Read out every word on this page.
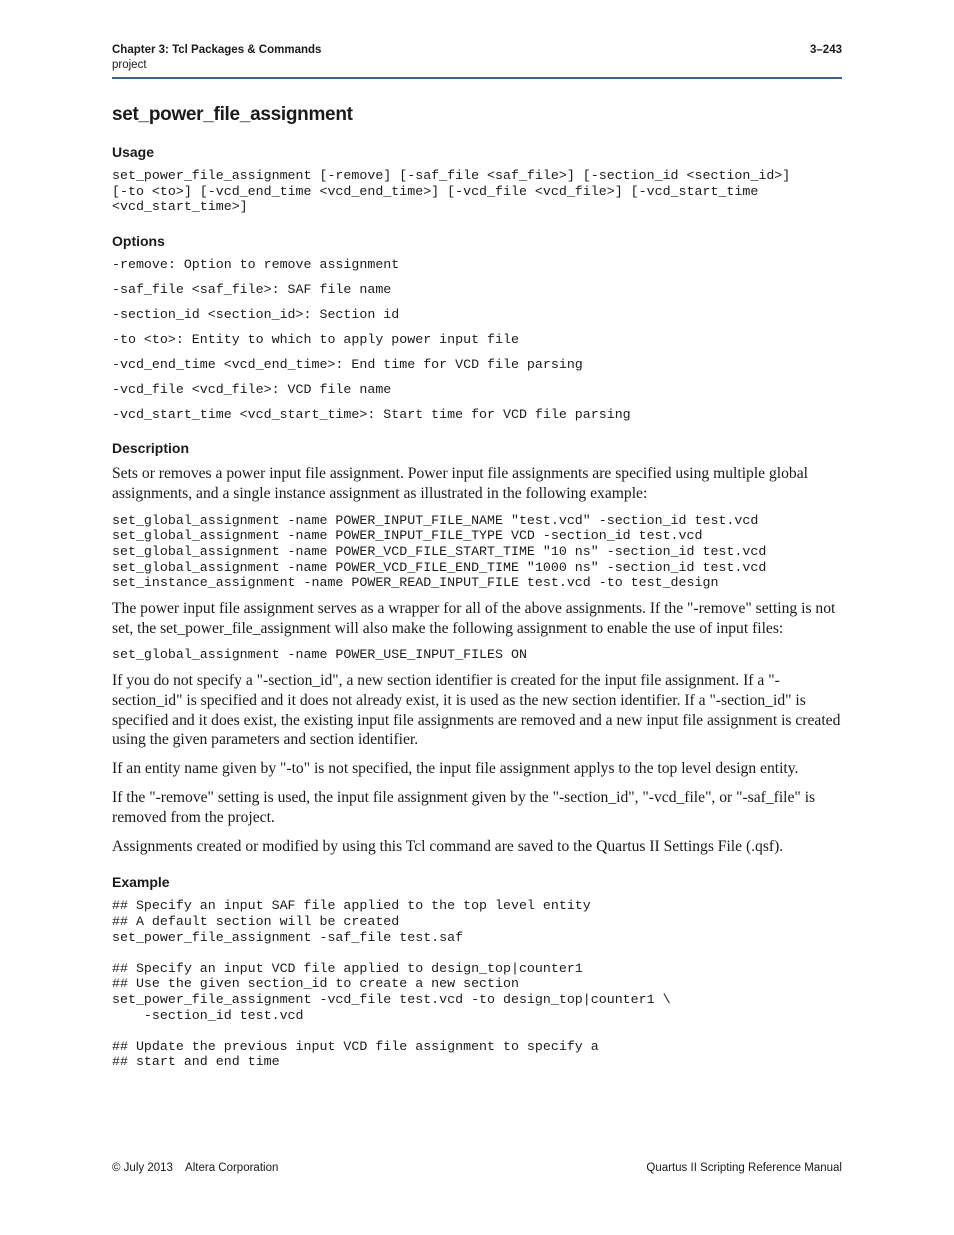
Chapter 3: Tcl Packages & Commands	3–243
project
set_power_file_assignment
Usage
set_power_file_assignment [-remove] [-saf_file <saf_file>] [-section_id <section_id>]
[-to <to>] [-vcd_end_time <vcd_end_time>] [-vcd_file <vcd_file>] [-vcd_start_time
<vcd_start_time>]
Options
-remove: Option to remove assignment
-saf_file <saf_file>: SAF file name
-section_id <section_id>: Section id
-to <to>: Entity to which to apply power input file
-vcd_end_time <vcd_end_time>: End time for VCD file parsing
-vcd_file <vcd_file>: VCD file name
-vcd_start_time <vcd_start_time>: Start time for VCD file parsing
Description

Sets or removes a power input file assignment. Power input file assignments are specified using multiple global assignments, and a single instance assignment as illustrated in the following example:

set_global_assignment -name POWER_INPUT_FILE_NAME "test.vcd" -section_id test.vcd
set_global_assignment -name POWER_INPUT_FILE_TYPE VCD -section_id test.vcd
set_global_assignment -name POWER_VCD_FILE_START_TIME "10 ns" -section_id test.vcd
set_global_assignment -name POWER_VCD_FILE_END_TIME "1000 ns" -section_id test.vcd
set_instance_assignment -name POWER_READ_INPUT_FILE test.vcd -to test_design

The power input file assignment serves as a wrapper for all of the above assignments. If the "-remove" setting is not set, the set_power_file_assignment will also make the following assignment to enable the use of input files:

set_global_assignment -name POWER_USE_INPUT_FILES ON

If you do not specify a "-section_id", a new section identifier is created for the input file assignment. If a "-section_id" is specified and it does not already exist, it is used as the new section identifier. If a "-section_id" is specified and it does exist, the existing input file assignments are removed and a new input file assignment is created using the given parameters and section identifier.

If an entity name given by "-to" is not specified, the input file assignment applys to the top level design entity.

If the "-remove" setting is used, the input file assignment given by the "-section_id", "-vcd_file", or "-saf_file" is removed from the project.

Assignments created or modified by using this Tcl command are saved to the Quartus II Settings File (.qsf).

Example
## Specify an input SAF file applied to the top level entity
## A default section will be created
set_power_file_assignment -saf_file test.saf

## Specify an input VCD file applied to design_top|counter1
## Use the given section_id to create a new section
set_power_file_assignment -vcd_file test.vcd -to design_top|counter1 \
-section_id test.vcd

## Update the previous input VCD file assignment to specify a
## start and end time
© July 2013    Altera Corporation	Quartus II Scripting Reference Manual
